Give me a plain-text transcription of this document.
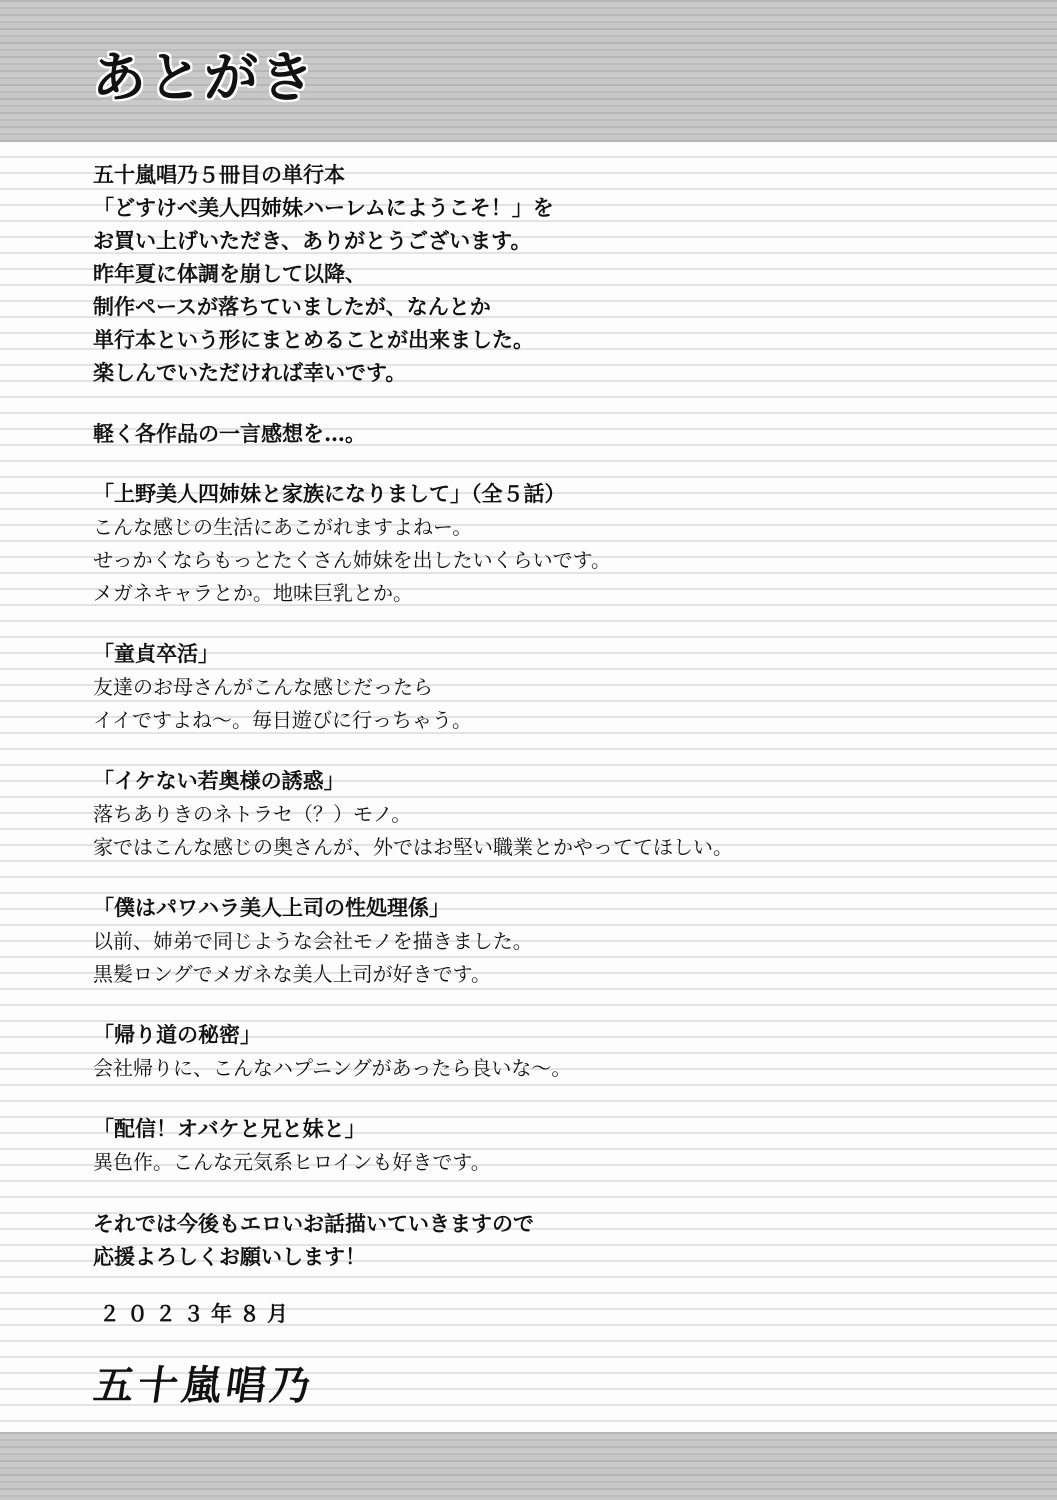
あとがき
五十嵐唱乃５冊目の単行本
「どすけべ美人四姉妹ハーレムにようこそ！」を
お買い上げいただき、ありがとうございます。
昨年夏に体調を崩して以降、
制作ペースが落ちていましたが、なんとか
単行本という形にまとめることが出来ました。
楽しんでいただければ幸いです。
軽く各作品の一言感想を…。
「上野美人四姉妹と家族になりまして」（全５話）
こんな感じの生活にあこがれますよねー。
せっかくならもっとたくさん姉妹を出したいくらいです。
メガネキャラとか。地味巨乳とか。
「童貞卒活」
友達のお母さんがこんな感じだったら
イイですよね～。毎日遊びに行っちゃう。
「イケない若奥様の誘惑」
落ちありきのネトラセ（？）モノ。
家ではこんな感じの奥さんが、外ではお堅い職業とかやっててほしい。
「僕はパワハラ美人上司の性処理係」
以前、姉弟で同じような会社モノを描きました。
黒髪ロングでメガネな美人上司が好きです。
「帰り道の秘密」
会社帰りに、こんなハプニングがあったら良いな～。
「配信！オバケと兄と妹と」
異色作。こんな元気系ヒロインも好きです。
それでは今後もエロいお話描いていきますので
応援よろしくお願いします！
２０２３年８月
五十嵐唱乃
